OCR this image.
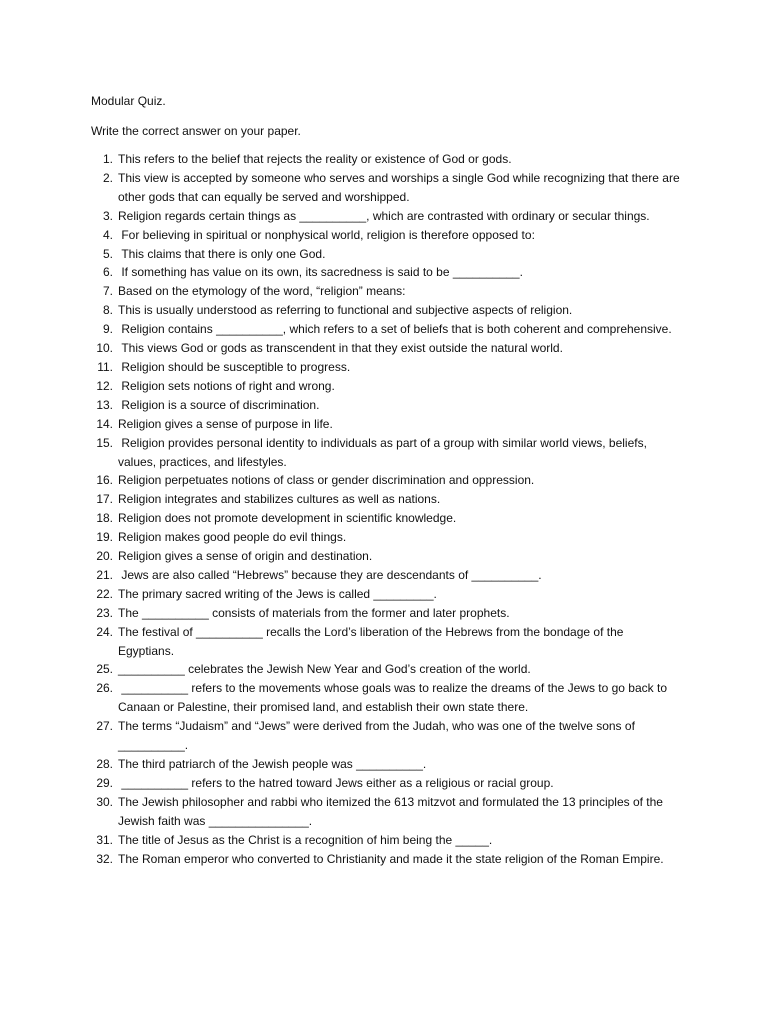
Modular Quiz.
Write the correct answer on your paper.
1. This refers to the belief that rejects the reality or existence of God or gods.
2. This view is accepted by someone who serves and worships a single God while recognizing that there are other gods that can equally be served and worshipped.
3. Religion regards certain things as __________, which are contrasted with ordinary or secular things.
4. For believing in spiritual or nonphysical world, religion is therefore opposed to:
5. This claims that there is only one God.
6. If something has value on its own, its sacredness is said to be __________.
7. Based on the etymology of the word, “religion” means:
8. This is usually understood as referring to functional and subjective aspects of religion.
9. Religion contains __________, which refers to a set of beliefs that is both coherent and comprehensive.
10. This views God or gods as transcendent in that they exist outside the natural world.
11. Religion should be susceptible to progress.
12. Religion sets notions of right and wrong.
13. Religion is a source of discrimination.
14. Religion gives a sense of purpose in life.
15. Religion provides personal identity to individuals as part of a group with similar world views, beliefs, values, practices, and lifestyles.
16. Religion perpetuates notions of class or gender discrimination and oppression.
17. Religion integrates and stabilizes cultures as well as nations.
18. Religion does not promote development in scientific knowledge.
19. Religion makes good people do evil things.
20. Religion gives a sense of origin and destination.
21. Jews are also called “Hebrews” because they are descendants of __________.
22. The primary sacred writing of the Jews is called _________.
23. The __________ consists of materials from the former and later prophets.
24. The festival of __________ recalls the Lord’s liberation of the Hebrews from the bondage of the Egyptians.
25. __________ celebrates the Jewish New Year and God’s creation of the world.
26. __________ refers to the movements whose goals was to realize the dreams of the Jews to go back to Canaan or Palestine, their promised land, and establish their own state there.
27. The terms “Judaism” and “Jews” were derived from the Judah, who was one of the twelve sons of __________.
28. The third patriarch of the Jewish people was __________.
29. __________ refers to the hatred toward Jews either as a religious or racial group.
30. The Jewish philosopher and rabbi who itemized the 613 mitzvot and formulated the 13 principles of the Jewish faith was _______________.
31. The title of Jesus as the Christ is a recognition of him being the _____.
32. The Roman emperor who converted to Christianity and made it the state religion of the Roman Empire.
